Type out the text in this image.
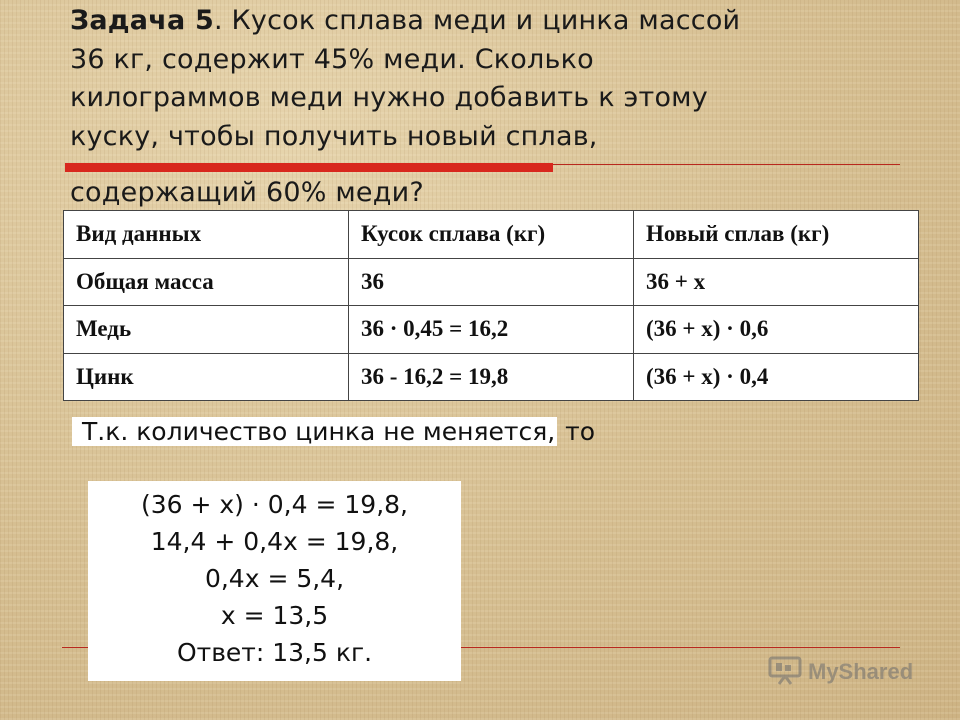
Задача 5. Кусок сплава меди и цинка массой
36 кг, содержит 45% меди. Сколько
килограммов меди нужно добавить к этому
куску, чтобы получить новый сплав,
содержащий 60% меди?
Вид данных	Кусок сплава (кг)	Новый сплав (кг)
Общая масса	36	36 + x
Медь	36 · 0,45 = 16,2	(36 + x) · 0,6
Цинк	36 - 16,2 = 19,8	(36 + x) · 0,4
Т.к. количество цинка не меняется, то
(36 + x) · 0,4 = 19,8,
14,4 + 0,4x = 19,8,
0,4x = 5,4,
x = 13,5
Ответ: 13,5 кг.
MyShared
